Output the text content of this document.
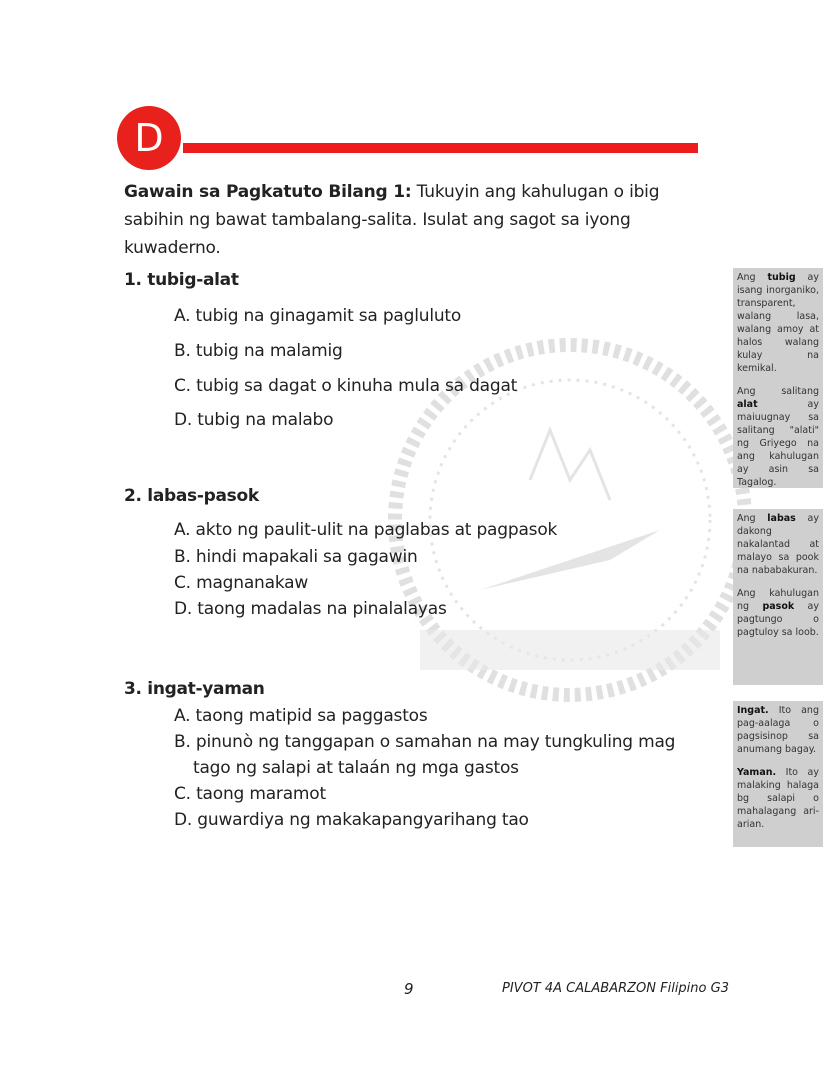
D
Gawain sa Pagkatuto Bilang 1: Tukuyin ang kahulugan o ibig sabihin ng bawat tambalang-salita. Isulat ang sagot sa iyong kuwaderno.
1. tubig-alat
A. tubig na ginagamit sa pagluluto
B. tubig na malamig
C. tubig sa dagat o kinuha mula sa dagat
D. tubig na malabo
2. labas-pasok
A. akto ng paulit-ulit na paglabas at pagpasok
B. hindi mapakali sa gagawin
C. magnanakaw
D. taong madalas na pinalalayas
3. ingat-yaman
A. taong matipid sa paggastos
B. pinunò ng tanggapan o samahan na may tungkuling mag
tago ng salapi at talaán ng mga gastos
C. taong maramot
D. guwardiya ng makakapangyarihang tao

Ang tubig ay isang inorganiko, transparent, walang lasa, walang amoy at halos walang kulay na kemikal.

Ang salitang alat ay maiuugnay sa salitang "alati" ng Griyego na ang kahulugan ay asin sa Tagalog.

Ang labas ay dakong nakalantad at malayo sa pook na nababakuran.

Ang kahulugan ng pasok ay pagtungo o pagtuloy sa loob.

Ingat. Ito ang pag-aalaga o pagsisinop sa anumang bagay.

Yaman. Ito ay malaking halaga bg salapi o mahalagang ari-arian.

9	PIVOT 4A CALABARZON Filipino G3
